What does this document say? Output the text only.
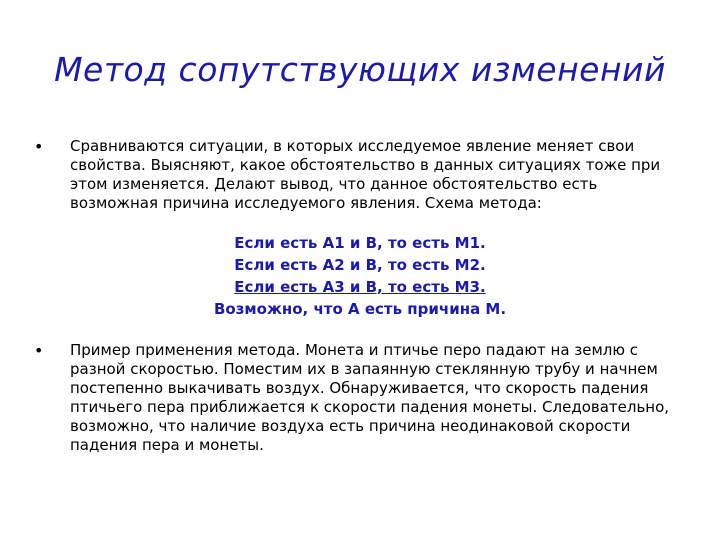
Метод сопутствующих изменений
• Сравниваются ситуации, в которых исследуемое явление меняет свои свойства. Выясняют, какое обстоятельство в данных ситуациях тоже при этом изменяется. Делают вывод, что данное обстоятельство есть возможная причина исследуемого явления. Схема метода:
Если есть А1 и В, то есть М1.
Если есть А2 и В, то есть М2.
Если есть А3 и В, то есть М3.
Возможно, что А есть причина М.
• Пример применения метода. Монета и птичье перо падают на землю с разной скоростью. Поместим их в запаянную стеклянную трубу и начнем постепенно выкачивать воздух. Обнаруживается, что скорость падения птичьего пера приближается к скорости падения монеты. Следовательно, возможно, что наличие воздуха есть причина неодинаковой скорости падения пера и монеты.
